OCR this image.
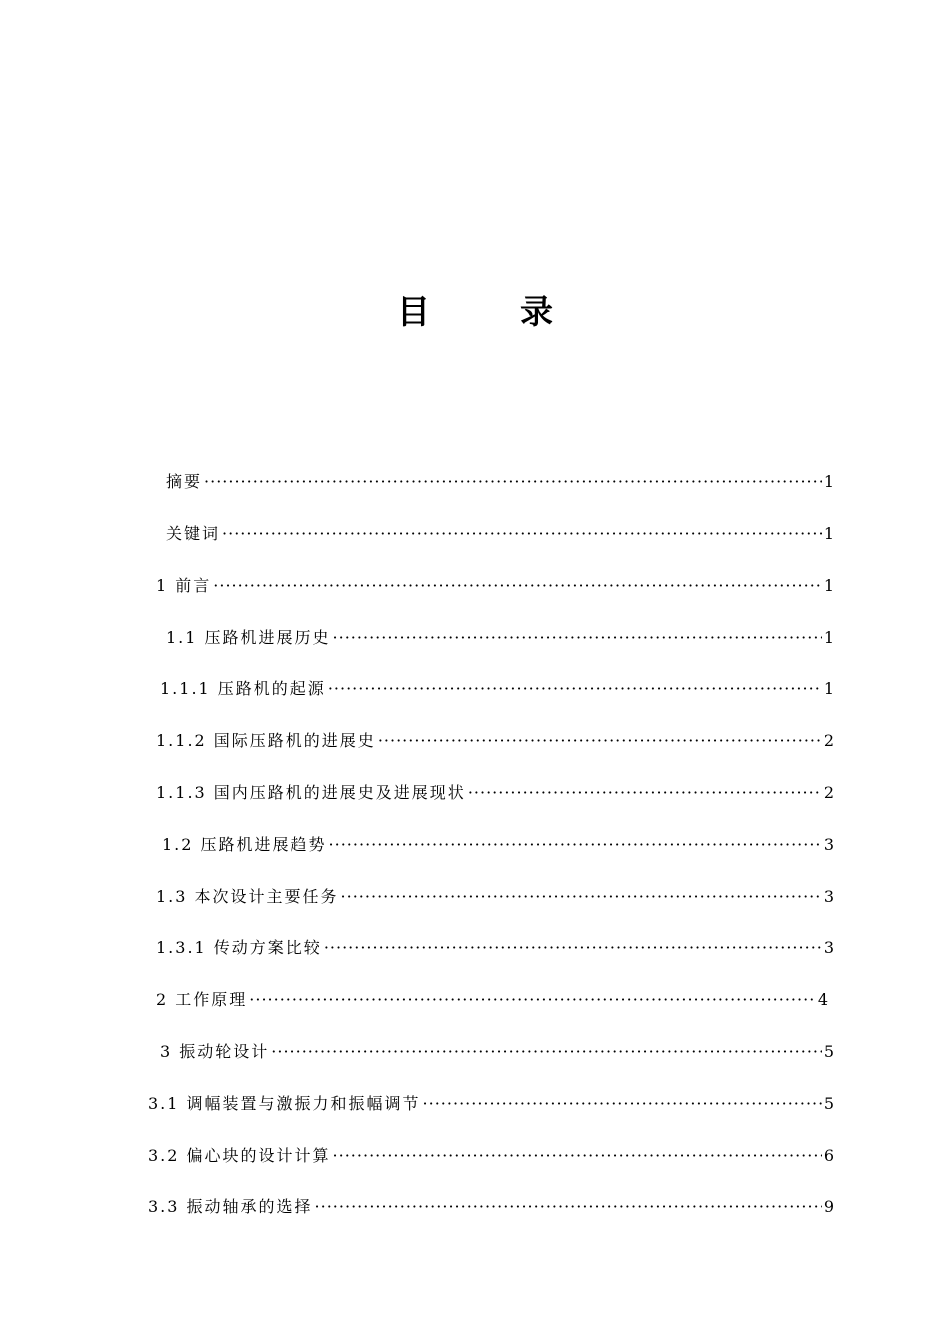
目	录
摘要 ·····	1
关键词 ·····	1
1 前言 ·····	1
1.1 压路机进展历史 ·····	1
1.1.1 压路机的起源 ·····	1
1.1.2 国际压路机的进展史 ·····	2
1.1.3 国内压路机的进展史及进展现状 ·····	2
1.2 压路机进展趋势 ·····	3
1.3 本次设计主要任务 ·····	3
1.3.1 传动方案比较 ·····	3
2 工作原理 ·····	4
3 振动轮设计 ·····	5
3.1 调幅装置与激振力和振幅调节 ·····	5
3.2 偏心块的设计计算 ·····	6
3.3 振动轴承的选择 ·····	9
